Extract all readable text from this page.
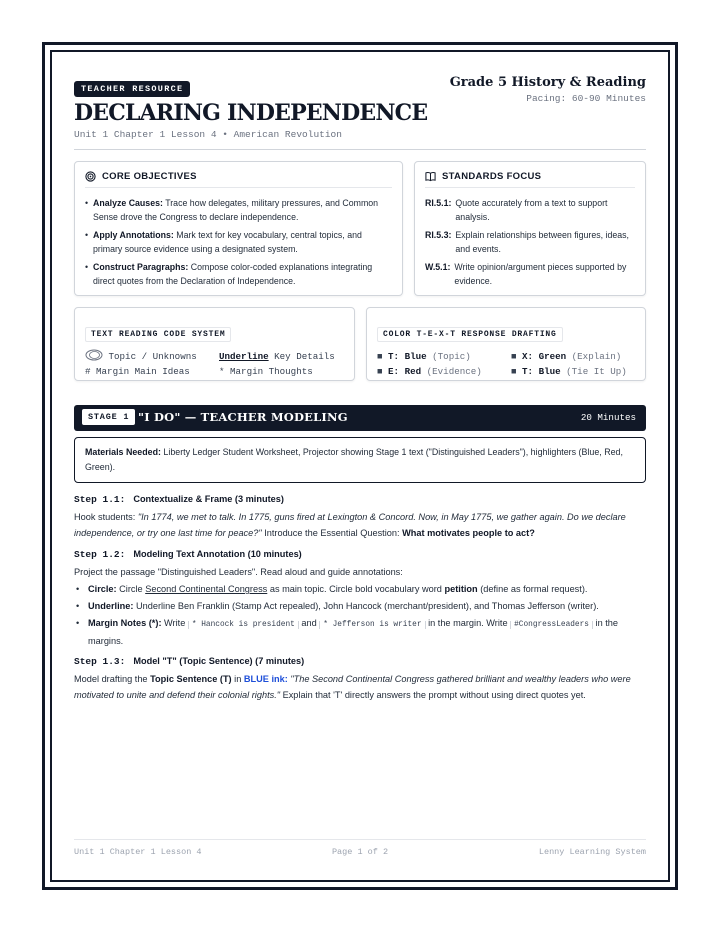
TEACHER RESOURCE
DECLARING INDEPENDENCE
Unit 1 Chapter 1 Lesson 4 • American Revolution
Grade 5 History & Reading
Pacing: 60-90 Minutes
CORE OBJECTIVES
• Analyze Causes: Trace how delegates, military pressures, and Common Sense drove the Congress to declare independence.
• Apply Annotations: Mark text for key vocabulary, central topics, and primary source evidence using a designated system.
• Construct Paragraphs: Compose color-coded explanations integrating direct quotes from the Declaration of Independence.
STANDARDS FOCUS
RI.5.1: Quote accurately from a text to support analysis.
RI.5.3: Explain relationships between figures, ideas, and events.
W.5.1: Write opinion/argument pieces supported by evidence.
TEXT READING CODE SYSTEM
Topic / Unknowns	Underline Key Details
# Margin Main Ideas	* Margin Thoughts
COLOR T-E-X-T RESPONSE DRAFTING
■ T: Blue (Topic)	■ X: Green (Explain)
■ E: Red (Evidence)	■ T: Blue (Tie It Up)
STAGE 1 "I DO" — TEACHER MODELING	20 Minutes
Materials Needed: Liberty Ledger Student Worksheet, Projector showing Stage 1 text ("Distinguished Leaders"), highlighters (Blue, Red, Green).
Step 1.1: Contextualize & Frame (3 minutes)
Hook students: "In 1774, we met to talk. In 1775, guns fired at Lexington & Concord. Now, in May 1775, we gather again. Do we declare independence, or try one last time for peace?" Introduce the Essential Question: What motivates people to act?
Step 1.2: Modeling Text Annotation (10 minutes)
Project the passage "Distinguished Leaders". Read aloud and guide annotations:
• Circle: Circle Second Continental Congress as main topic. Circle bold vocabulary word petition (define as formal request).
• Underline: Underline Ben Franklin (Stamp Act repealed), John Hancock (merchant/president), and Thomas Jefferson (writer).
• Margin Notes (*): Write * Hancock is president and * Jefferson is writer in the margin. Write #CongressLeaders in the margins.
Step 1.3: Model "T" (Topic Sentence) (7 minutes)
Model drafting the Topic Sentence (T) in BLUE ink: "The Second Continental Congress gathered brilliant and wealthy leaders who were motivated to unite and defend their colonial rights." Explain that 'T' directly answers the prompt without using direct quotes yet.
Unit 1 Chapter 1 Lesson 4	Page 1 of 2	Lenny Learning System
